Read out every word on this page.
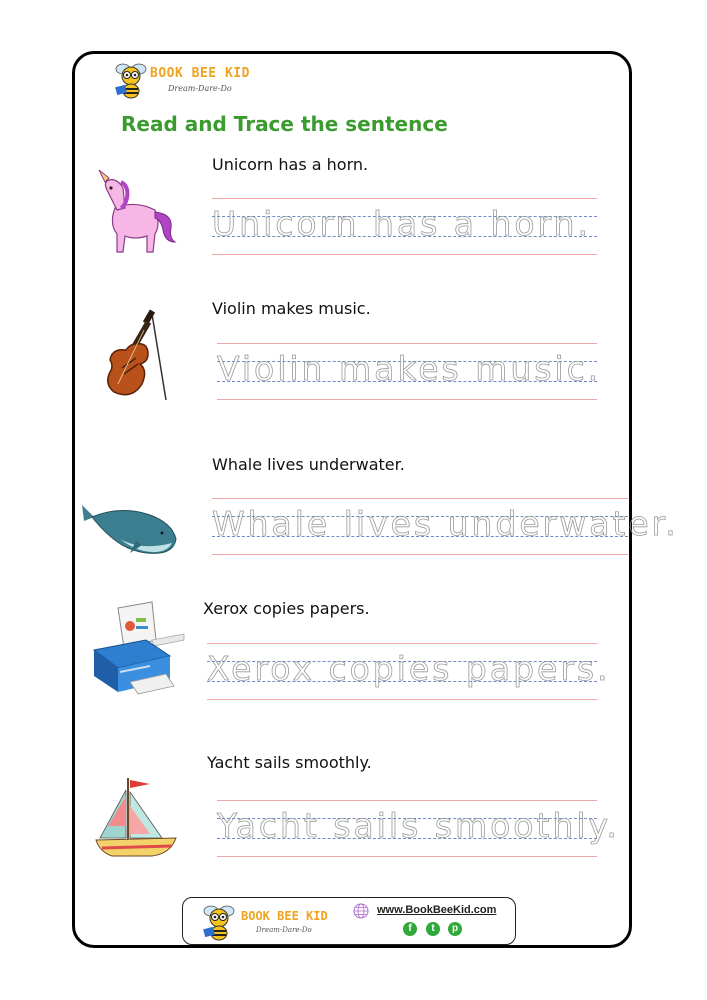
BOOK BEE KID
Dream-Dare-Do
Read and Trace the sentence
Unicorn has a horn.
Unicorn has a horn.
Violin makes music.
Violin makes music.
Whale lives underwater.
Whale lives underwater.
Xerox copies papers.
Xerox copies papers.
Yacht sails smoothly.
Yacht sails smoothly.
BOOK BEE KID
Dream-Dare-Do
www.BookBeeKid.com
f	t	p
